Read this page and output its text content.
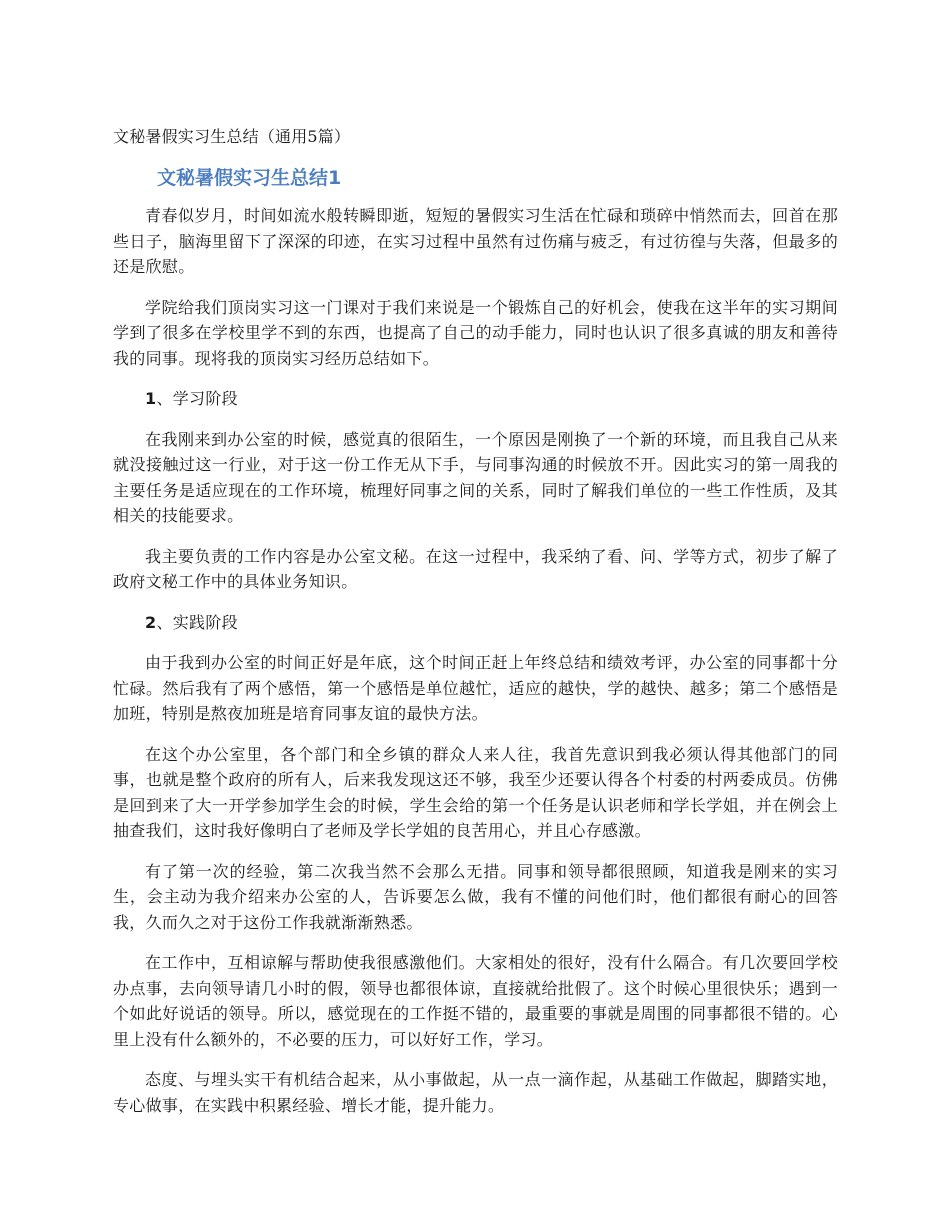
文秘暑假实习生总结（通用5篇）
文秘暑假实习生总结1

青春似岁月，时间如流水般转瞬即逝，短短的暑假实习生活在忙碌和琐碎中悄然而去，回首在那些日子，脑海里留下了深深的印迹，在实习过程中虽然有过伤痛与疲乏，有过彷徨与失落，但最多的还是欣慰。

学院给我们顶岗实习这一门课对于我们来说是一个锻炼自己的好机会，使我在这半年的实习期间学到了很多在学校里学不到的东西，也提高了自己的动手能力，同时也认识了很多真诚的朋友和善待我的同事。现将我的顶岗实习经历总结如下。

1、学习阶段

在我刚来到办公室的时候，感觉真的很陌生，一个原因是刚换了一个新的环境，而且我自己从来就没接触过这一行业，对于这一份工作无从下手，与同事沟通的时候放不开。因此实习的第一周我的主要任务是适应现在的工作环境，梳理好同事之间的关系，同时了解我们单位的一些工作性质，及其相关的技能要求。

我主要负责的工作内容是办公室文秘。在这一过程中，我采纳了看、问、学等方式，初步了解了政府文秘工作中的具体业务知识。

2、实践阶段

由于我到办公室的时间正好是年底，这个时间正赶上年终总结和绩效考评，办公室的同事都十分忙碌。然后我有了两个感悟，第一个感悟是单位越忙，适应的越快，学的越快、越多；第二个感悟是加班，特别是熬夜加班是培育同事友谊的最快方法。

在这个办公室里，各个部门和全乡镇的群众人来人往，我首先意识到我必须认得其他部门的同事，也就是整个政府的所有人，后来我发现这还不够，我至少还要认得各个村委的村两委成员。仿佛是回到来了大一开学参加学生会的时候，学生会给的第一个任务是认识老师和学长学姐，并在例会上抽查我们，这时我好像明白了老师及学长学姐的良苦用心，并且心存感激。

有了第一次的经验，第二次我当然不会那么无措。同事和领导都很照顾，知道我是刚来的实习生，会主动为我介绍来办公室的人，告诉要怎么做，我有不懂的问他们时，他们都很有耐心的回答我，久而久之对于这份工作我就渐渐熟悉。

在工作中，互相谅解与帮助使我很感激他们。大家相处的很好，没有什么隔合。有几次要回学校办点事，去向领导请几小时的假，领导也都很体谅，直接就给批假了。这个时候心里很快乐；遇到一个如此好说话的领导。所以，感觉现在的工作挺不错的，最重要的事就是周围的同事都很不错的。心里上没有什么额外的，不必要的压力，可以好好工作，学习。

态度、与埋头实干有机结合起来，从小事做起，从一点一滴作起，从基础工作做起，脚踏实地，专心做事，在实践中积累经验、增长才能，提升能力。
